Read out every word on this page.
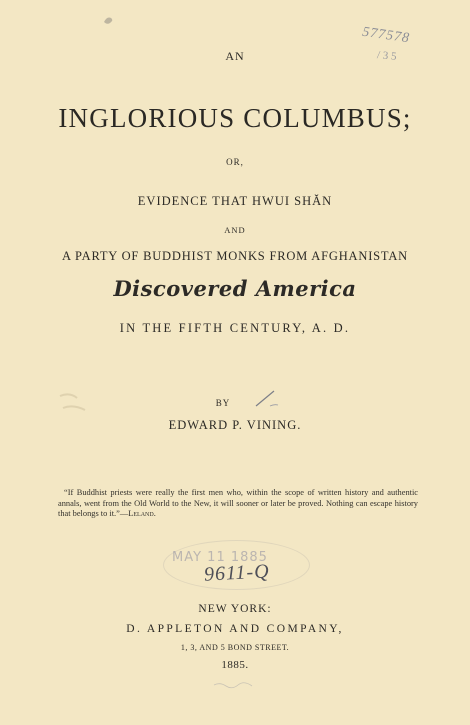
577578
/ 3 5
AN
INGLORIOUS COLUMBUS;
OR,
EVIDENCE THAT HWUI SHĂN
AND
A PARTY OF BUDDHIST MONKS FROM AFGHANISTAN
Discovered America
IN THE FIFTH CENTURY, A. D.
BY
EDWARD P. VINING.
“If Buddhist priests were really the first men who, within the scope of written history and authentic annals, went from the Old World to the New, it will sooner or later be proved. Nothing can escape history that belongs to it.”—Leland.
MAY 11 1885
9611-Q
NEW YORK:
D. APPLETON AND COMPANY,
1, 3, AND 5 BOND STREET.
1885.
